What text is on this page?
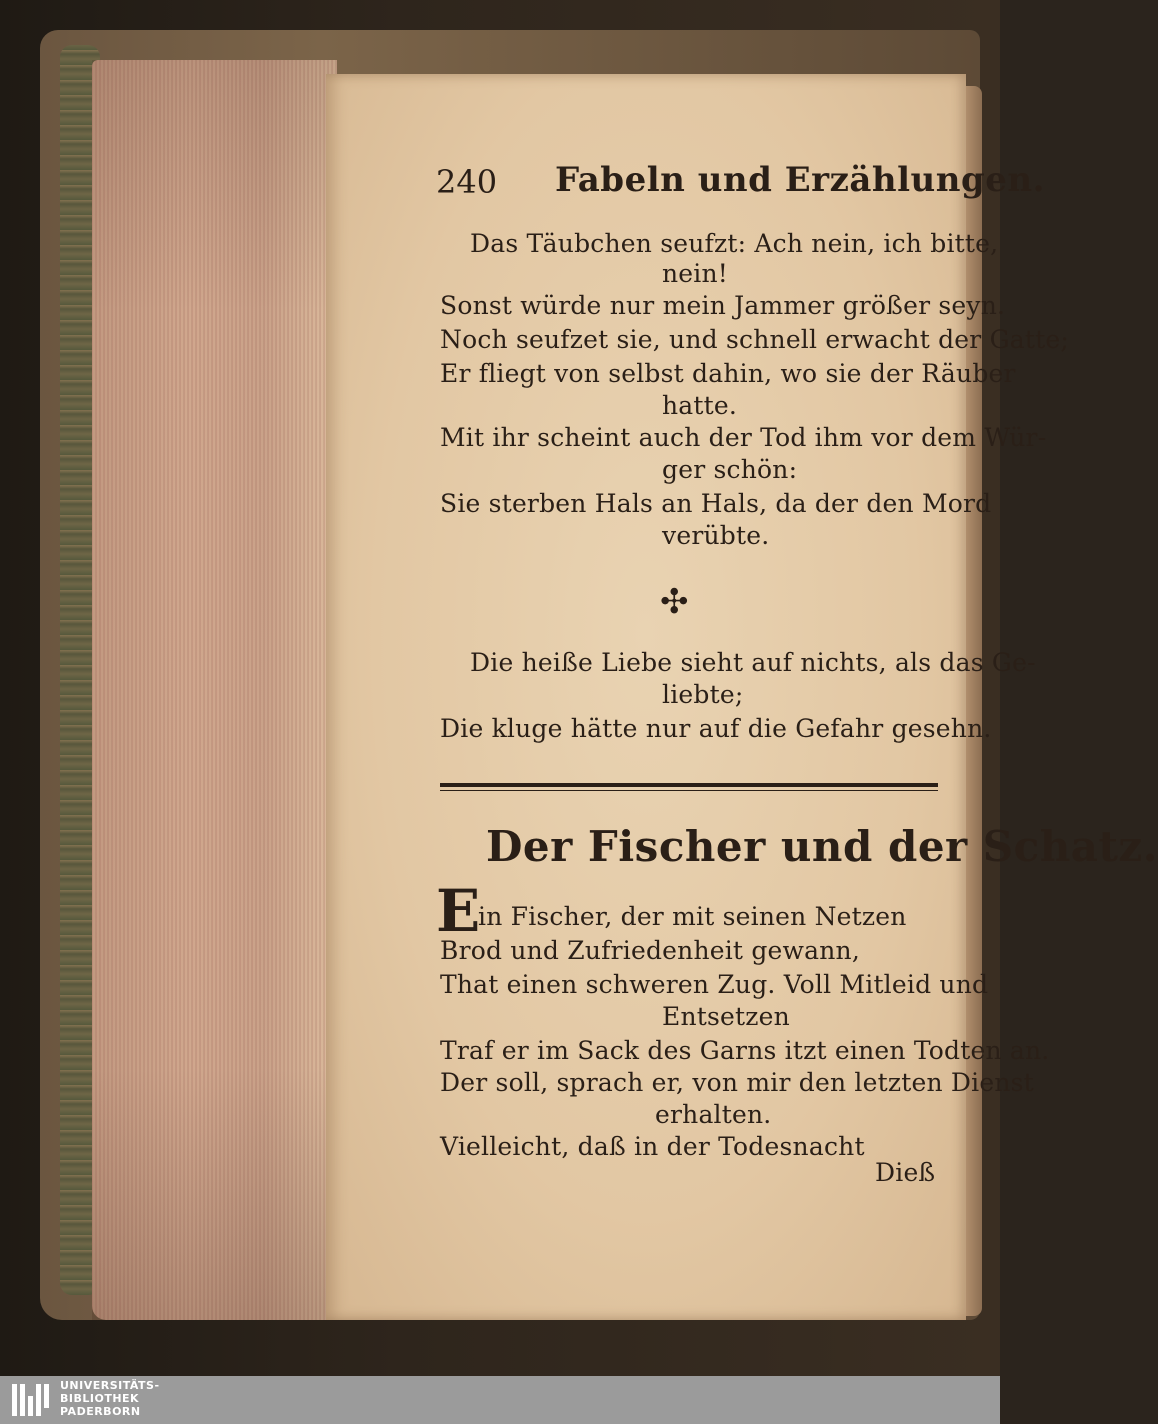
240 Fabeln und Erzählungen.
Das Täubchen seufzt: Ach nein, ich bitte,
nein!
Sonst würde nur mein Jammer größer seyn.
Noch seufzet sie, und schnell erwacht der Gatte;
Er fliegt von selbst dahin, wo sie der Räuber
hatte.
Mit ihr scheint auch der Tod ihm vor dem Wür-
ger schön:
Sie sterben Hals an Hals, da der den Mord
verübte.
✣
Die heiße Liebe sieht auf nichts, als das Ge-
liebte;
Die kluge hätte nur auf die Gefahr gesehn.
Der Fischer und der Schatz.
E
in Fischer, der mit seinen Netzen
Brod und Zufriedenheit gewann,
That einen schweren Zug. Voll Mitleid und
Entsetzen
Traf er im Sack des Garns itzt einen Todten an.
Der soll, sprach er, von mir den letzten Dienst
erhalten.
Vielleicht, daß in der Todesnacht
Dieß
UNIVERSITÄTS-
BIBLIOTHEK
PADERBORN
